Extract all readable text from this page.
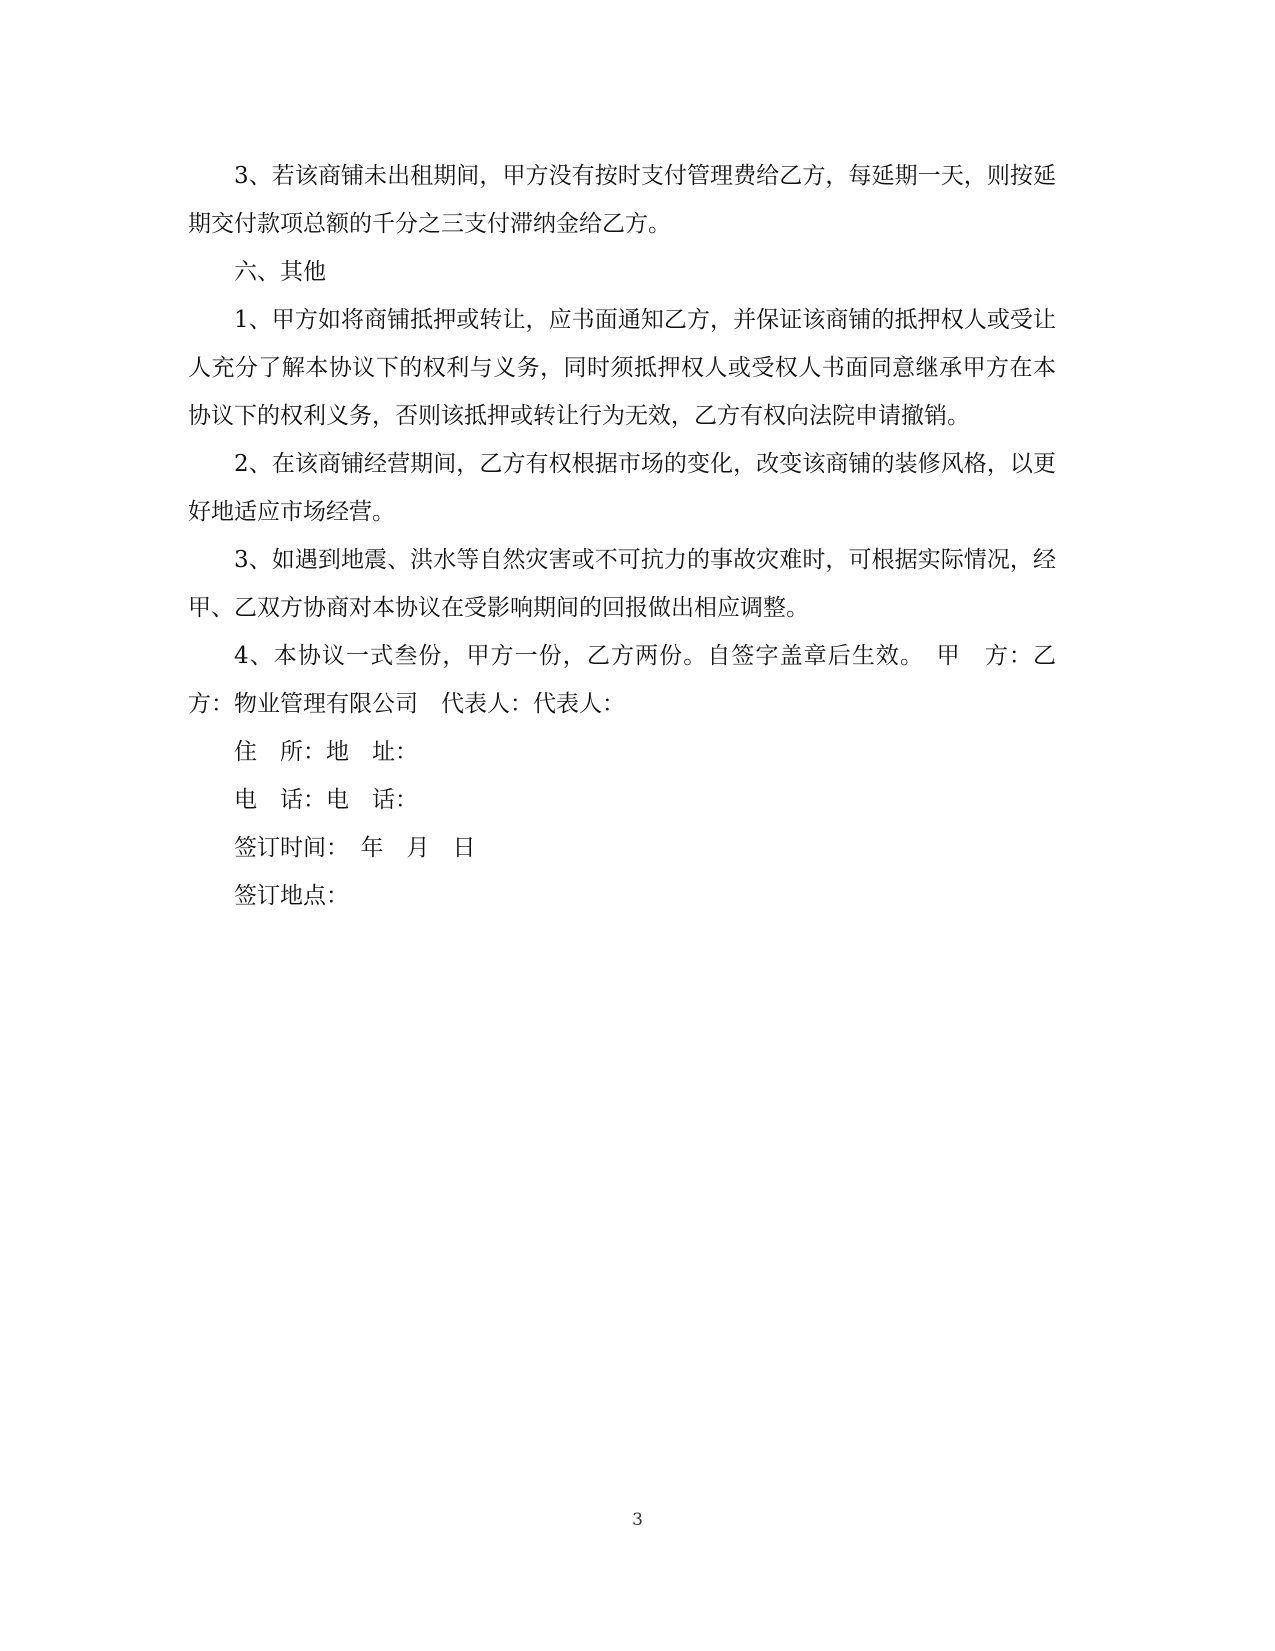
3、若该商铺未出租期间，甲方没有按时支付管理费给乙方，每延期一天，则按延期交付款项总额的千分之三支付滞纳金给乙方。

六、其他

1、甲方如将商铺抵押或转让，应书面通知乙方，并保证该商铺的抵押权人或受让人充分了解本协议下的权利与义务，同时须抵押权人或受权人书面同意继承甲方在本协议下的权利义务，否则该抵押或转让行为无效，乙方有权向法院申请撤销。

2、在该商铺经营期间，乙方有权根据市场的变化，改变该商铺的装修风格，以更好地适应市场经营。

3、如遇到地震、洪水等自然灾害或不可抗力的事故灾难时，可根据实际情况，经甲、乙双方协商对本协议在受影响期间的回报做出相应调整。

4、本协议一式叁份，甲方一份，乙方两份。自签字盖章后生效。　甲　方：乙方：物业管理有限公司　代表人：代表人：

住　所：地　址：

电　话：电　话：

签订时间：　年　月　日

签订地点：

3
